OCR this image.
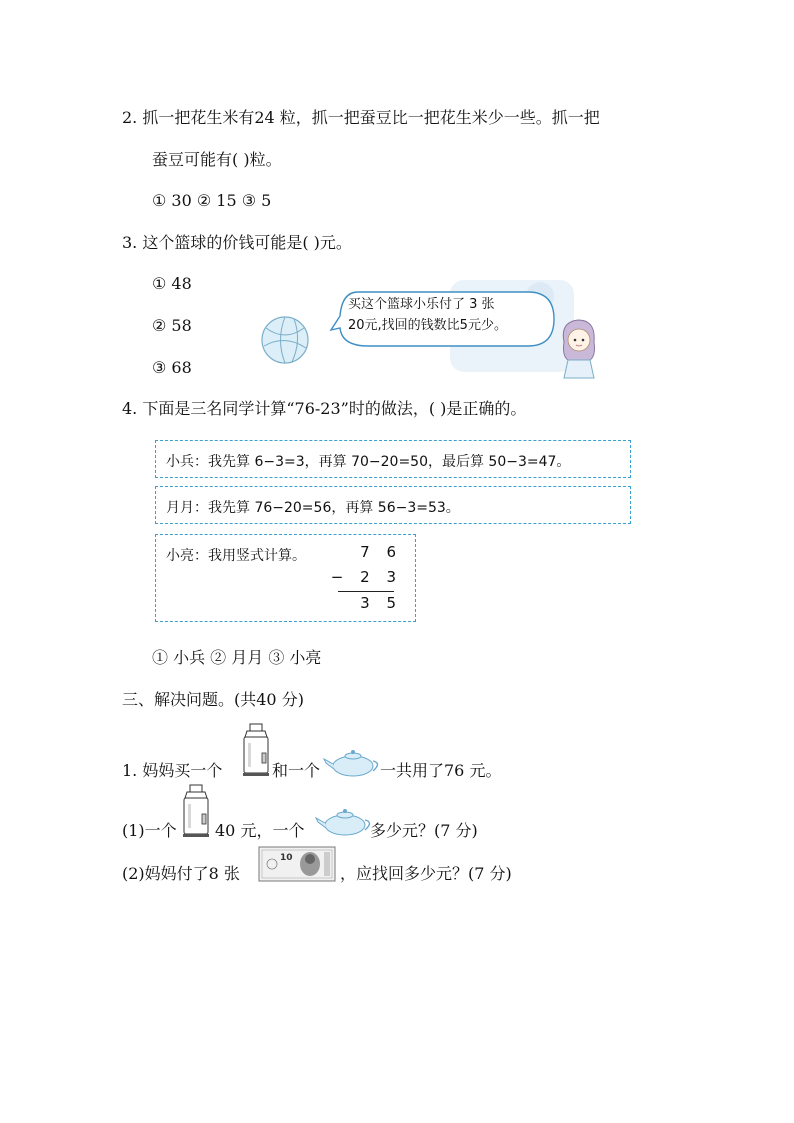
2. 抓一把花生米有24 粒，抓一把蚕豆比一把花生米少一些。抓一把
蚕豆可能有( )粒。
① 30 ② 15 ③ 5
3. 这个篮球的价钱可能是( )元。
① 48
② 58
③ 68
买这个篮球小乐付了 3 张
20元,找回的钱数比5元少。
4. 下面是三名同学计算“76-23”时的做法，( )是正确的。
小兵：我先算 6−3=3，再算 70−20=50，最后算 50−3=47。
月月：我先算 76−20=56，再算 56−3=53。
小亮：我用竖式计算。	7 6
− 2 3
3 5
① 小兵 ② 月月 ③ 小亮
三、解决问题。(共40 分)
1. 妈妈买一个	和一个	一共用了76 元。
(1)一个 40 元，一个	多少元？(7 分)
(2)妈妈付了8 张
10
，应找回多少元？(7 分)
